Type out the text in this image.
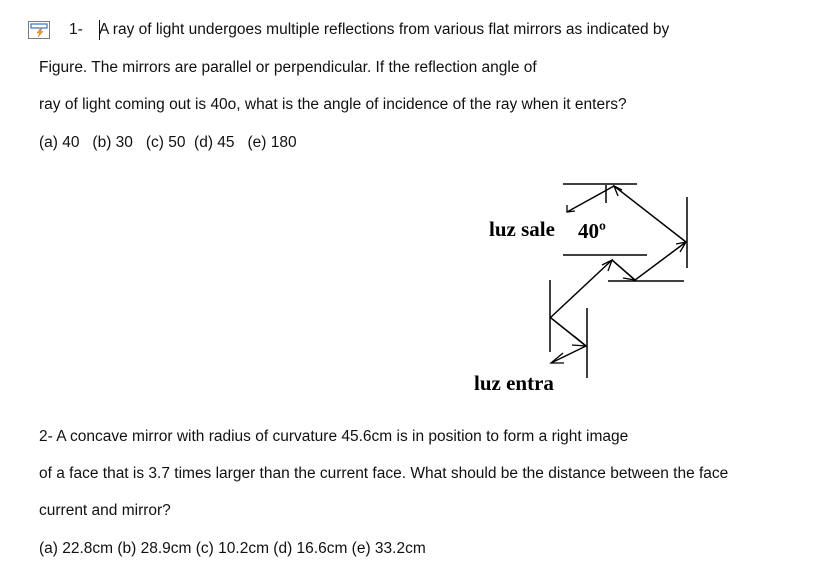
1- A ray of light undergoes multiple reflections from various flat mirrors as indicated by
Figure. The mirrors are parallel or perpendicular. If the reflection angle of
ray of light coming out is 40o, what is the angle of incidence of the ray when it enters?
(a) 40   (b) 30   (c) 50  (d) 45   (e) 180
luz sale 40º
luz entra
2- A concave mirror with radius of curvature 45.6cm is in position to form a right image
of a face that is 3.7 times larger than the current face. What should be the distance between the face
current and mirror?
(a) 22.8cm (b) 28.9cm (c) 10.2cm (d) 16.6cm (e) 33.2cm
